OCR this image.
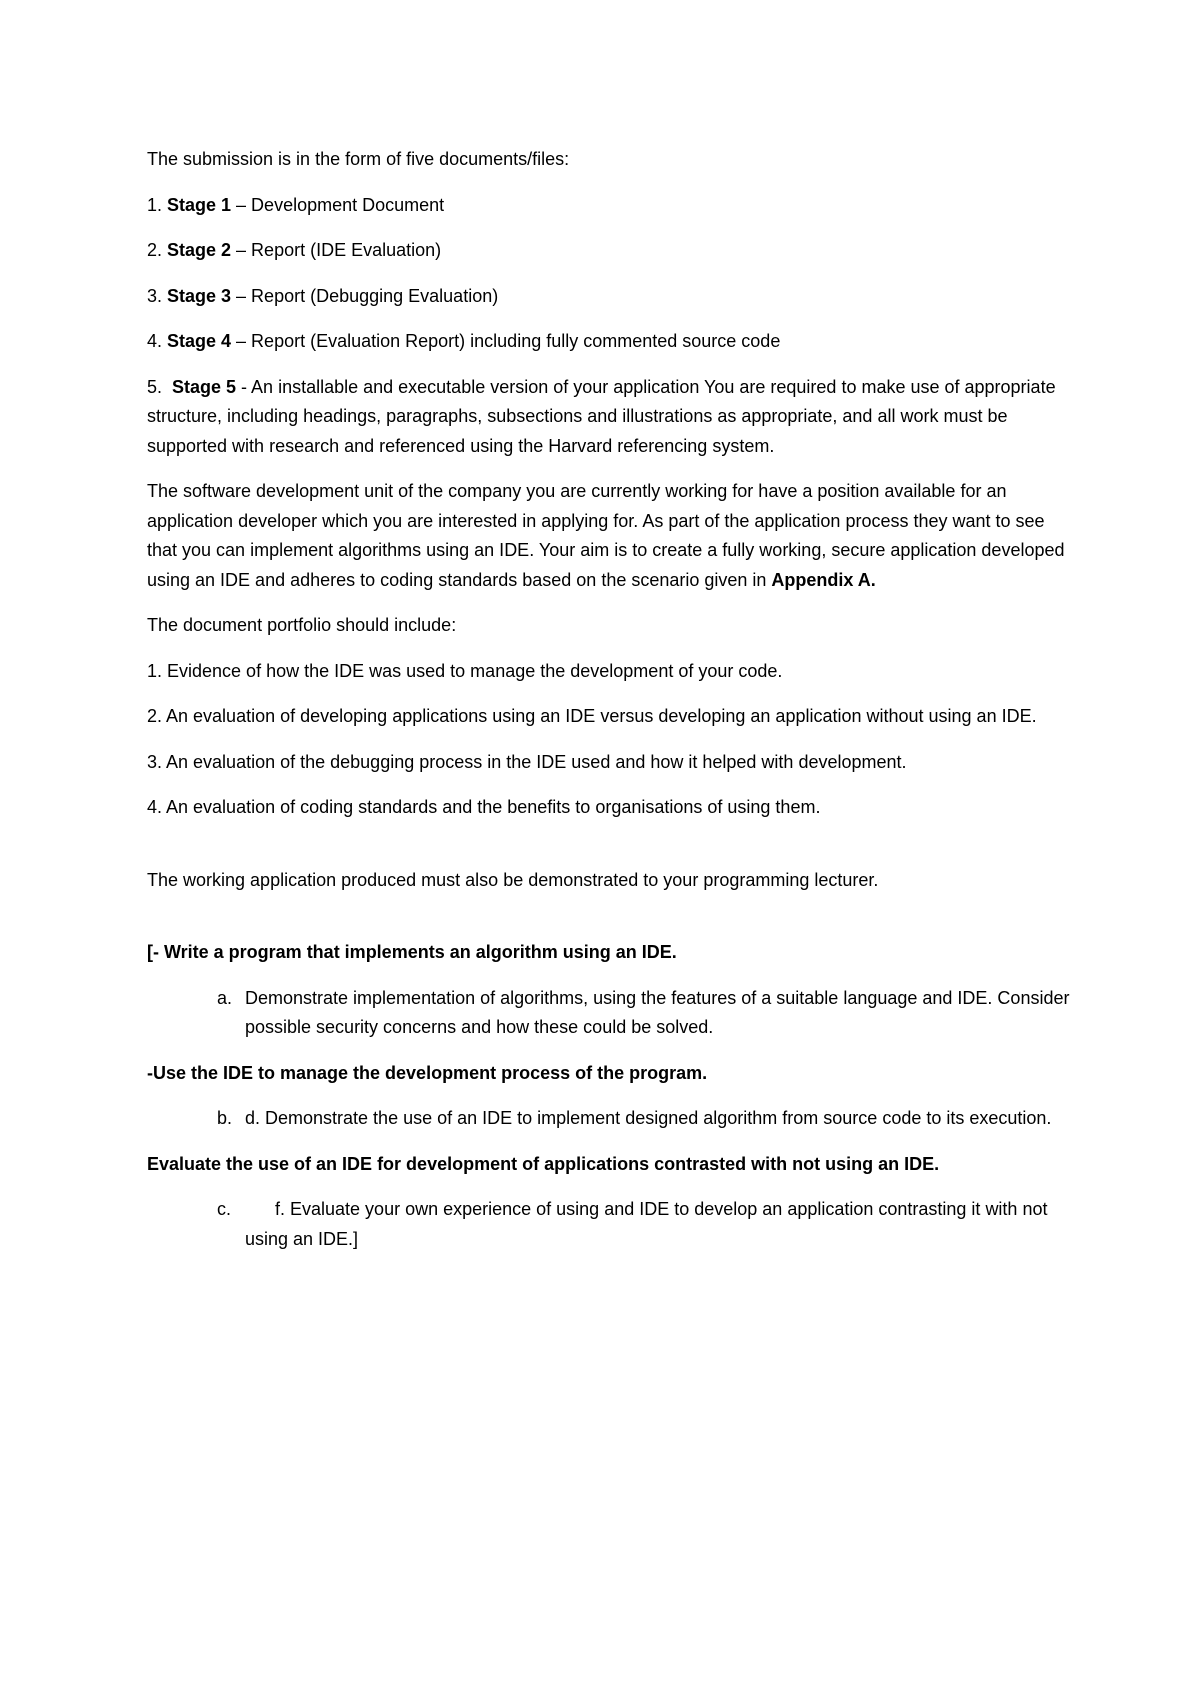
The submission is in the form of five documents/files:

1. Stage 1 – Development Document

2. Stage 2 – Report (IDE Evaluation)

3. Stage 3 – Report (Debugging Evaluation)

4. Stage 4 – Report (Evaluation Report) including fully commented source code

5.  Stage 5 - An installable and executable version of your application You are required to make use of appropriate structure, including headings, paragraphs, subsections and illustrations as appropriate, and all work must be supported with research and referenced using the Harvard referencing system.

The software development unit of the company you are currently working for have a position available for an application developer which you are interested in applying for. As part of the application process they want to see that you can implement algorithms using an IDE. Your aim is to create a fully working, secure application developed using an IDE and adheres to coding standards based on the scenario given in Appendix A.

The document portfolio should include:

1. Evidence of how the IDE was used to manage the development of your code.

2. An evaluation of developing applications using an IDE versus developing an application without using an IDE.

3. An evaluation of the debugging process in the IDE used and how it helped with development.

4. An evaluation of coding standards and the benefits to organisations of using them.

The working application produced must also be demonstrated to your programming lecturer.

[- Write a program that implements an algorithm using an IDE.

a. Demonstrate implementation of algorithms, using the features of a suitable language and IDE. Consider possible security concerns and how these could be solved.

-Use the IDE to manage the development process of the program.

b. d. Demonstrate the use of an IDE to implement designed algorithm from source code to its execution.

Evaluate the use of an IDE for development of applications contrasted with not using an IDE.

c.	f. Evaluate your own experience of using and IDE to develop an application contrasting it with not using an IDE.]
